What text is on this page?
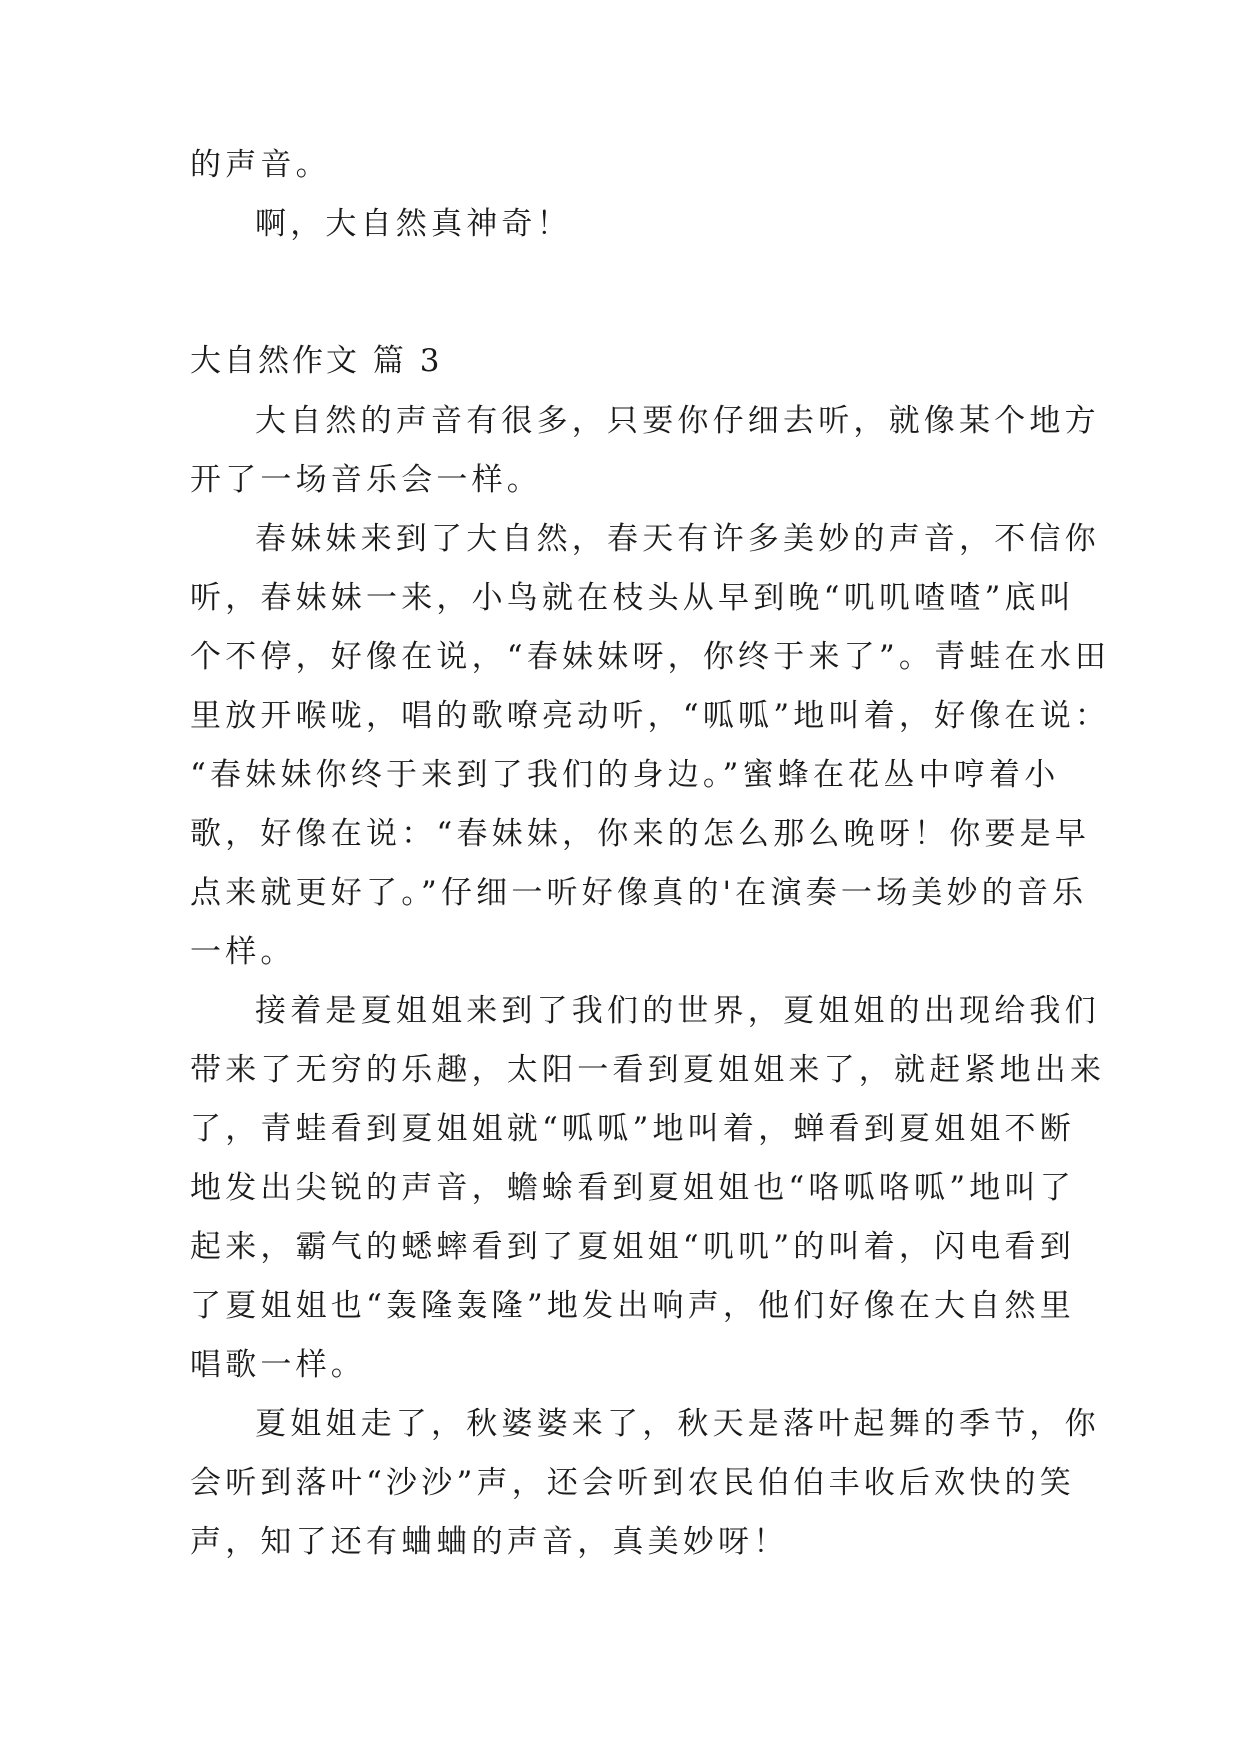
的声音。
啊，大自然真神奇！
大自然作文 篇 3
大自然的声音有很多，只要你仔细去听，就像某个地方
开了一场音乐会一样。
春妹妹来到了大自然，春天有许多美妙的声音，不信你
听，春妹妹一来，小鸟就在枝头从早到晚“叽叽喳喳”底叫
个不停，好像在说，“春妹妹呀，你终于来了”。青蛙在水田
里放开喉咙，唱的歌嘹亮动听，“呱呱”地叫着，好像在说：
“春妹妹你终于来到了我们的身边。”蜜蜂在花丛中哼着小
歌，好像在说：“春妹妹，你来的怎么那么晚呀！你要是早
点来就更好了。”仔细一听好像真的'在演奏一场美妙的音乐
一样。
接着是夏姐姐来到了我们的世界，夏姐姐的出现给我们
带来了无穷的乐趣，太阳一看到夏姐姐来了，就赶紧地出来
了，青蛙看到夏姐姐就“呱呱”地叫着，蝉看到夏姐姐不断
地发出尖锐的声音，蟾蜍看到夏姐姐也“咯呱咯呱”地叫了
起来，霸气的蟋蟀看到了夏姐姐“叽叽”的叫着，闪电看到
了夏姐姐也“轰隆轰隆”地发出响声，他们好像在大自然里
唱歌一样。
夏姐姐走了，秋婆婆来了，秋天是落叶起舞的季节，你
会听到落叶“沙沙”声，还会听到农民伯伯丰收后欢快的笑
声，知了还有蛐蛐的声音，真美妙呀！
